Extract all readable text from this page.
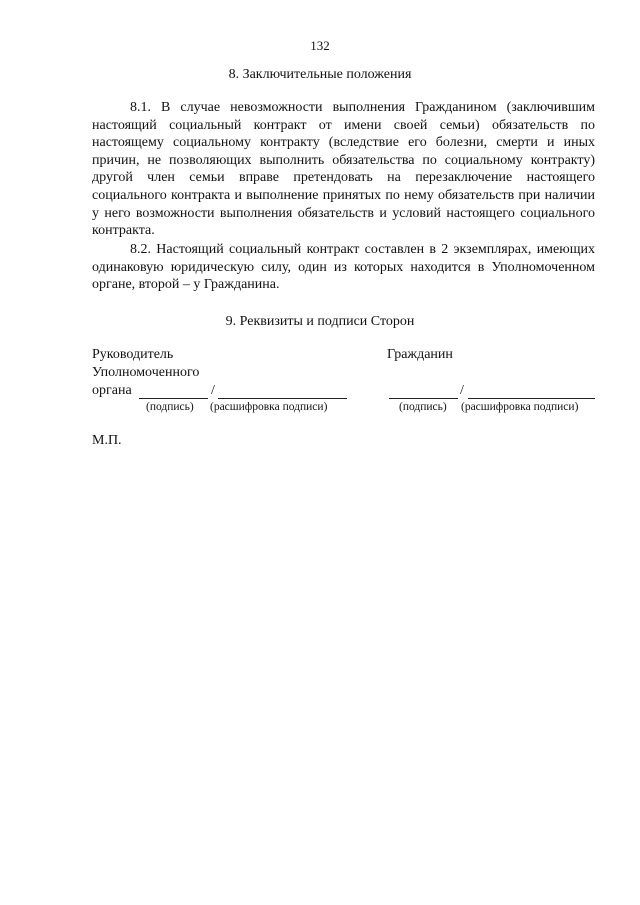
132
8. Заключительные положения

8.1. В случае невозможности выполнения Гражданином (заключившим настоящий социальный контракт от имени своей семьи) обязательств по настоящему социальному контракту (вследствие его болезни, смерти и иных причин, не позволяющих выполнить обязательства по социальному контракту) другой член семьи вправе претендовать на перезаключение настоящего социального контракта и выполнение принятых по нему обязательств при наличии у него возможности выполнения обязательств и условий настоящего социального контракта.

8.2. Настоящий социальный контракт составлен в 2 экземплярах, имеющих одинаковую юридическую силу, один из которых находится в Уполномоченном органе, второй – у Гражданина.

9. Реквизиты и подписи Сторон
Руководитель
Уполномоченного
органа	/
(подпись) (расшифровка подписи)
Гражданин
/
(подпись) (расшифровка подписи)
М.П.
